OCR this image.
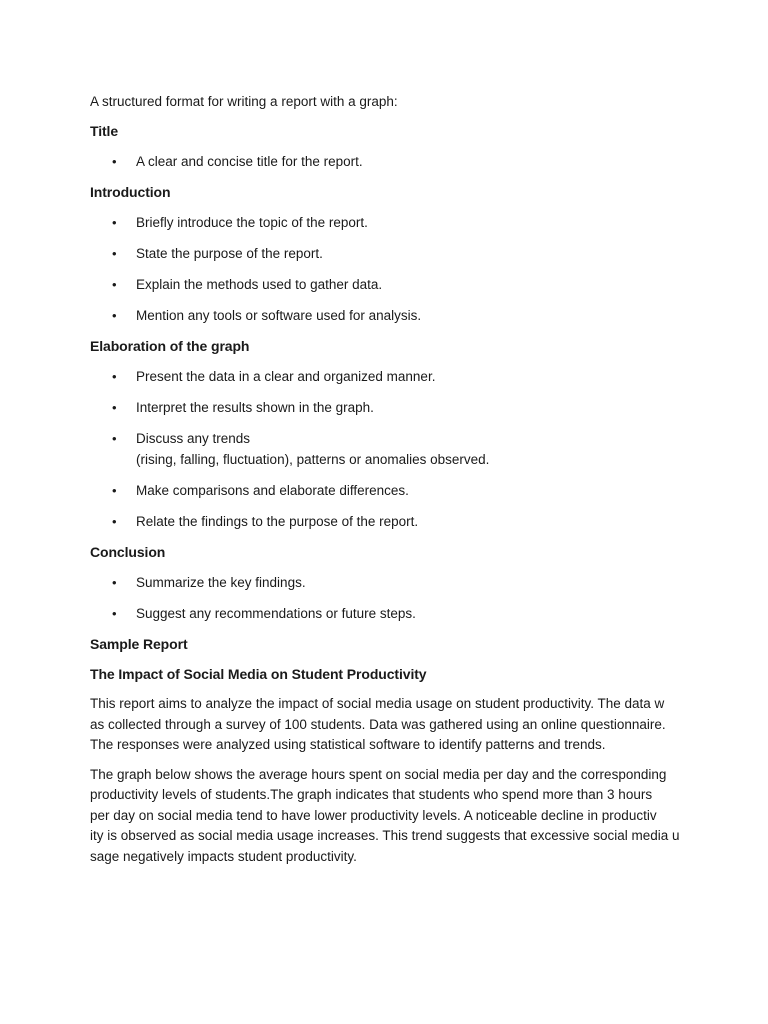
A structured format for writing a report with a graph:

Title
• A clear and concise title for the report.
Introduction
• Briefly introduce the topic of the report.
• State the purpose of the report.
• Explain the methods used to gather data.
• Mention any tools or software used for analysis.
Elaboration of the graph
• Present the data in a clear and organized manner.
• Interpret the results shown in the graph.
• Discuss any trends
(rising, falling, fluctuation), patterns or anomalies observed.
• Make comparisons and elaborate differences.
• Relate the findings to the purpose of the report.
Conclusion
• Summarize the key findings.
• Suggest any recommendations or future steps.
Sample Report
The Impact of Social Media on Student Productivity

This report aims to analyze the impact of social media usage on student productivity. The data w
as collected through a survey of 100 students. Data was gathered using an online questionnaire.
The responses were analyzed using statistical software to identify patterns and trends.

The graph below shows the average hours spent on social media per day and the corresponding
productivity levels of students.The graph indicates that students who spend more than 3 hours
per day on social media tend to have lower productivity levels. A noticeable decline in productiv
ity is observed as social media usage increases. This trend suggests that excessive social media u
sage negatively impacts student productivity.
